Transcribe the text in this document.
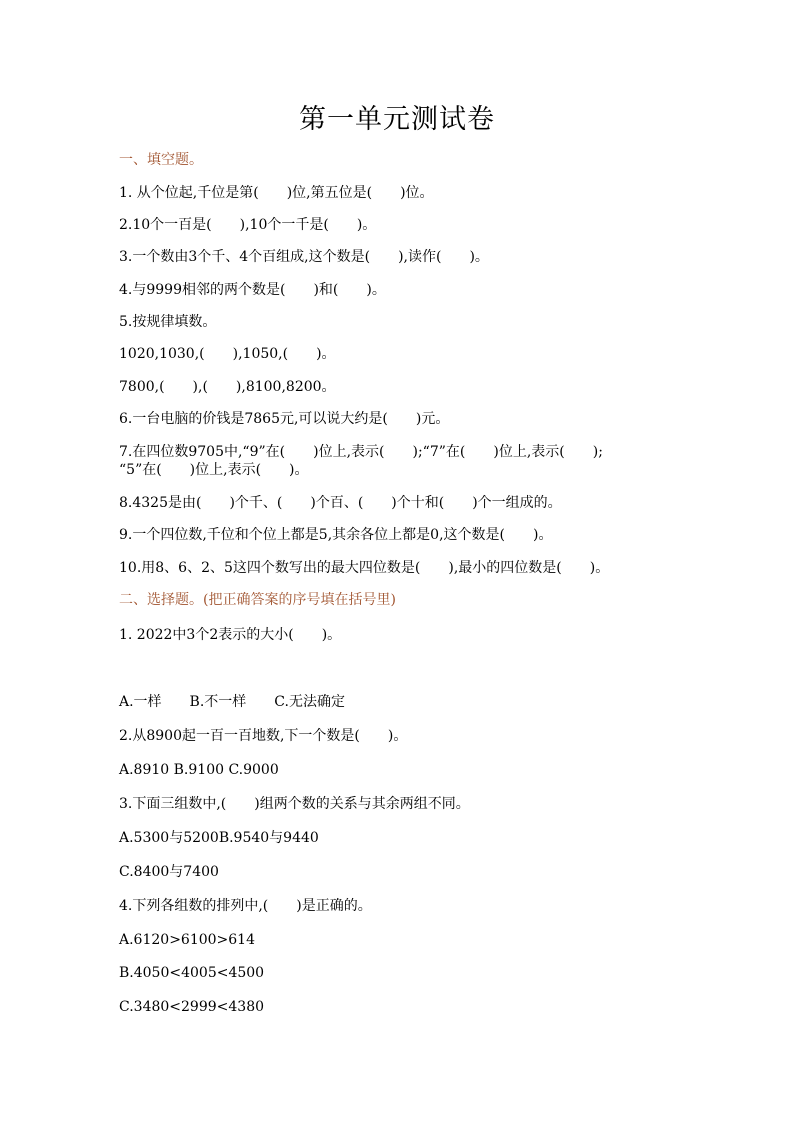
第一单元测试卷
一、填空题。
1. 从个位起,千位是第(　　)位,第五位是(　　)位。
2.10个一百是(　　),10个一千是(　　)。
3.一个数由3个千、4个百组成,这个数是(　　),读作(　　)。
4.与9999相邻的两个数是(　　)和(　　)。
5.按规律填数。
1020,1030,(　　),1050,(　　)。
7800,(　　),(　　),8100,8200。
6.一台电脑的价钱是7865元,可以说大约是(　　)元。
7.在四位数9705中,“9”在(　　)位上,表示(　　);“7”在(　　)位上,表示(　　);
“5”在(　　)位上,表示(　　)。
8.4325是由(　　)个千、(　　)个百、(　　)个十和(　　)个一组成的。
9.一个四位数,千位和个位上都是5,其余各位上都是0,这个数是(　　)。
10.用8、6、2、5这四个数写出的最大四位数是(　　),最小的四位数是(　　)。
二、选择题。(把正确答案的序号填在括号里)
1. 2022中3个2表示的大小(　　)。
A.一样　　B.不一样　　C.无法确定
2.从8900起一百一百地数,下一个数是(　　)。
A.8910 B.9100 C.9000
3.下面三组数中,(　　)组两个数的关系与其余两组不同。
A.5300与5200B.9540与9440
C.8400与7400
4.下列各组数的排列中,(　　)是正确的。
A.6120>6100>614
B.4050<4005<4500
C.3480<2999<4380
